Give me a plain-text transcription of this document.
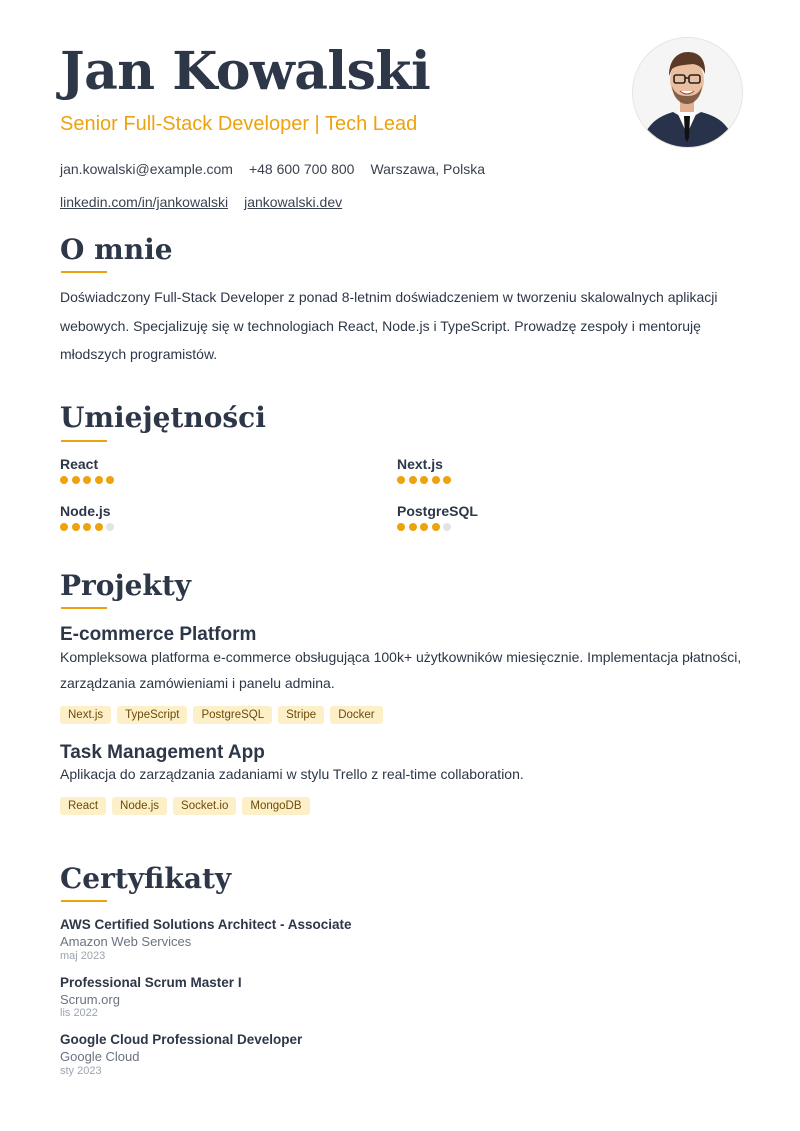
Jan Kowalski
Senior Full-Stack Developer | Tech Lead
jan.kowalski@example.com +48 600 700 800 Warszawa, Polska
linkedin.com/in/jankowalski jankowalski.dev
O mnie

Doświadczony Full-Stack Developer z ponad 8-letnim doświadczeniem w tworzeniu skalowalnych aplikacji webowych. Specjalizuję się w technologiach React, Node.js i TypeScript. Prowadzę zespoły i mentoruję młodszych programistów.

Umiejętności
React	Next.js
Node.js	PostgreSQL
Projekty
E-commerce Platform

Kompleksowa platforma e-commerce obsługująca 100k+ użytkowników miesięcznie. Implementacja płatności, zarządzania zamówieniami i panelu admina.

Next.js	TypeScript	PostgreSQL	Stripe	Docker
Task Management App

Aplikacja do zarządzania zadaniami w stylu Trello z real-time collaboration.

React	Node.js	Socket.io	MongoDB
Certyfikaty
AWS Certified Solutions Architect - Associate
Amazon Web Services
maj 2023
Professional Scrum Master I
Scrum.org
lis 2022
Google Cloud Professional Developer
Google Cloud
sty 2023
